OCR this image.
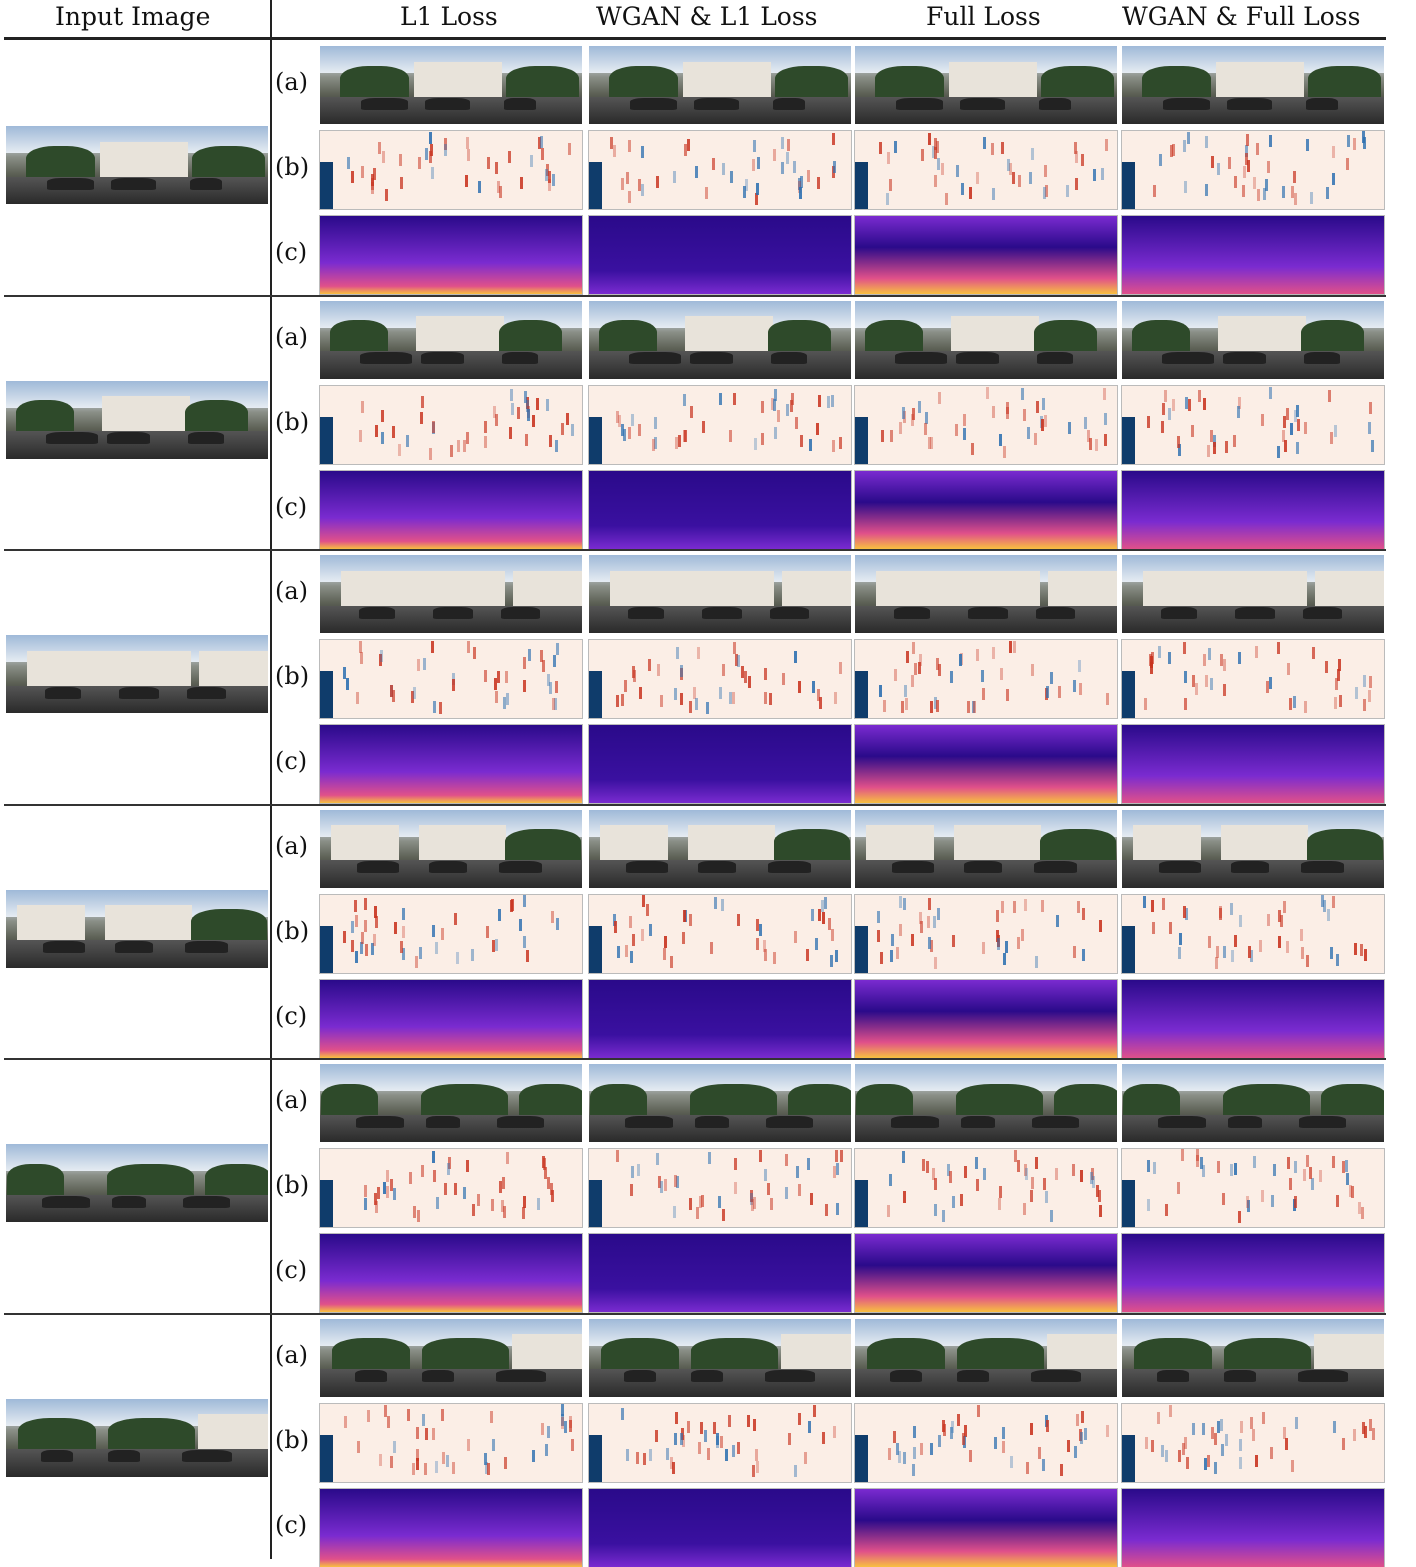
Input Image	L1 Loss	WGAN & L1 Loss	Full Loss	WGAN & Full Loss
(a)
(b)
(c)
(a)
(b)
(c)
(a)
(b)
(c)
(a)
(b)
(c)
(a)
(b)
(c)
(a)
(b)
(c)
